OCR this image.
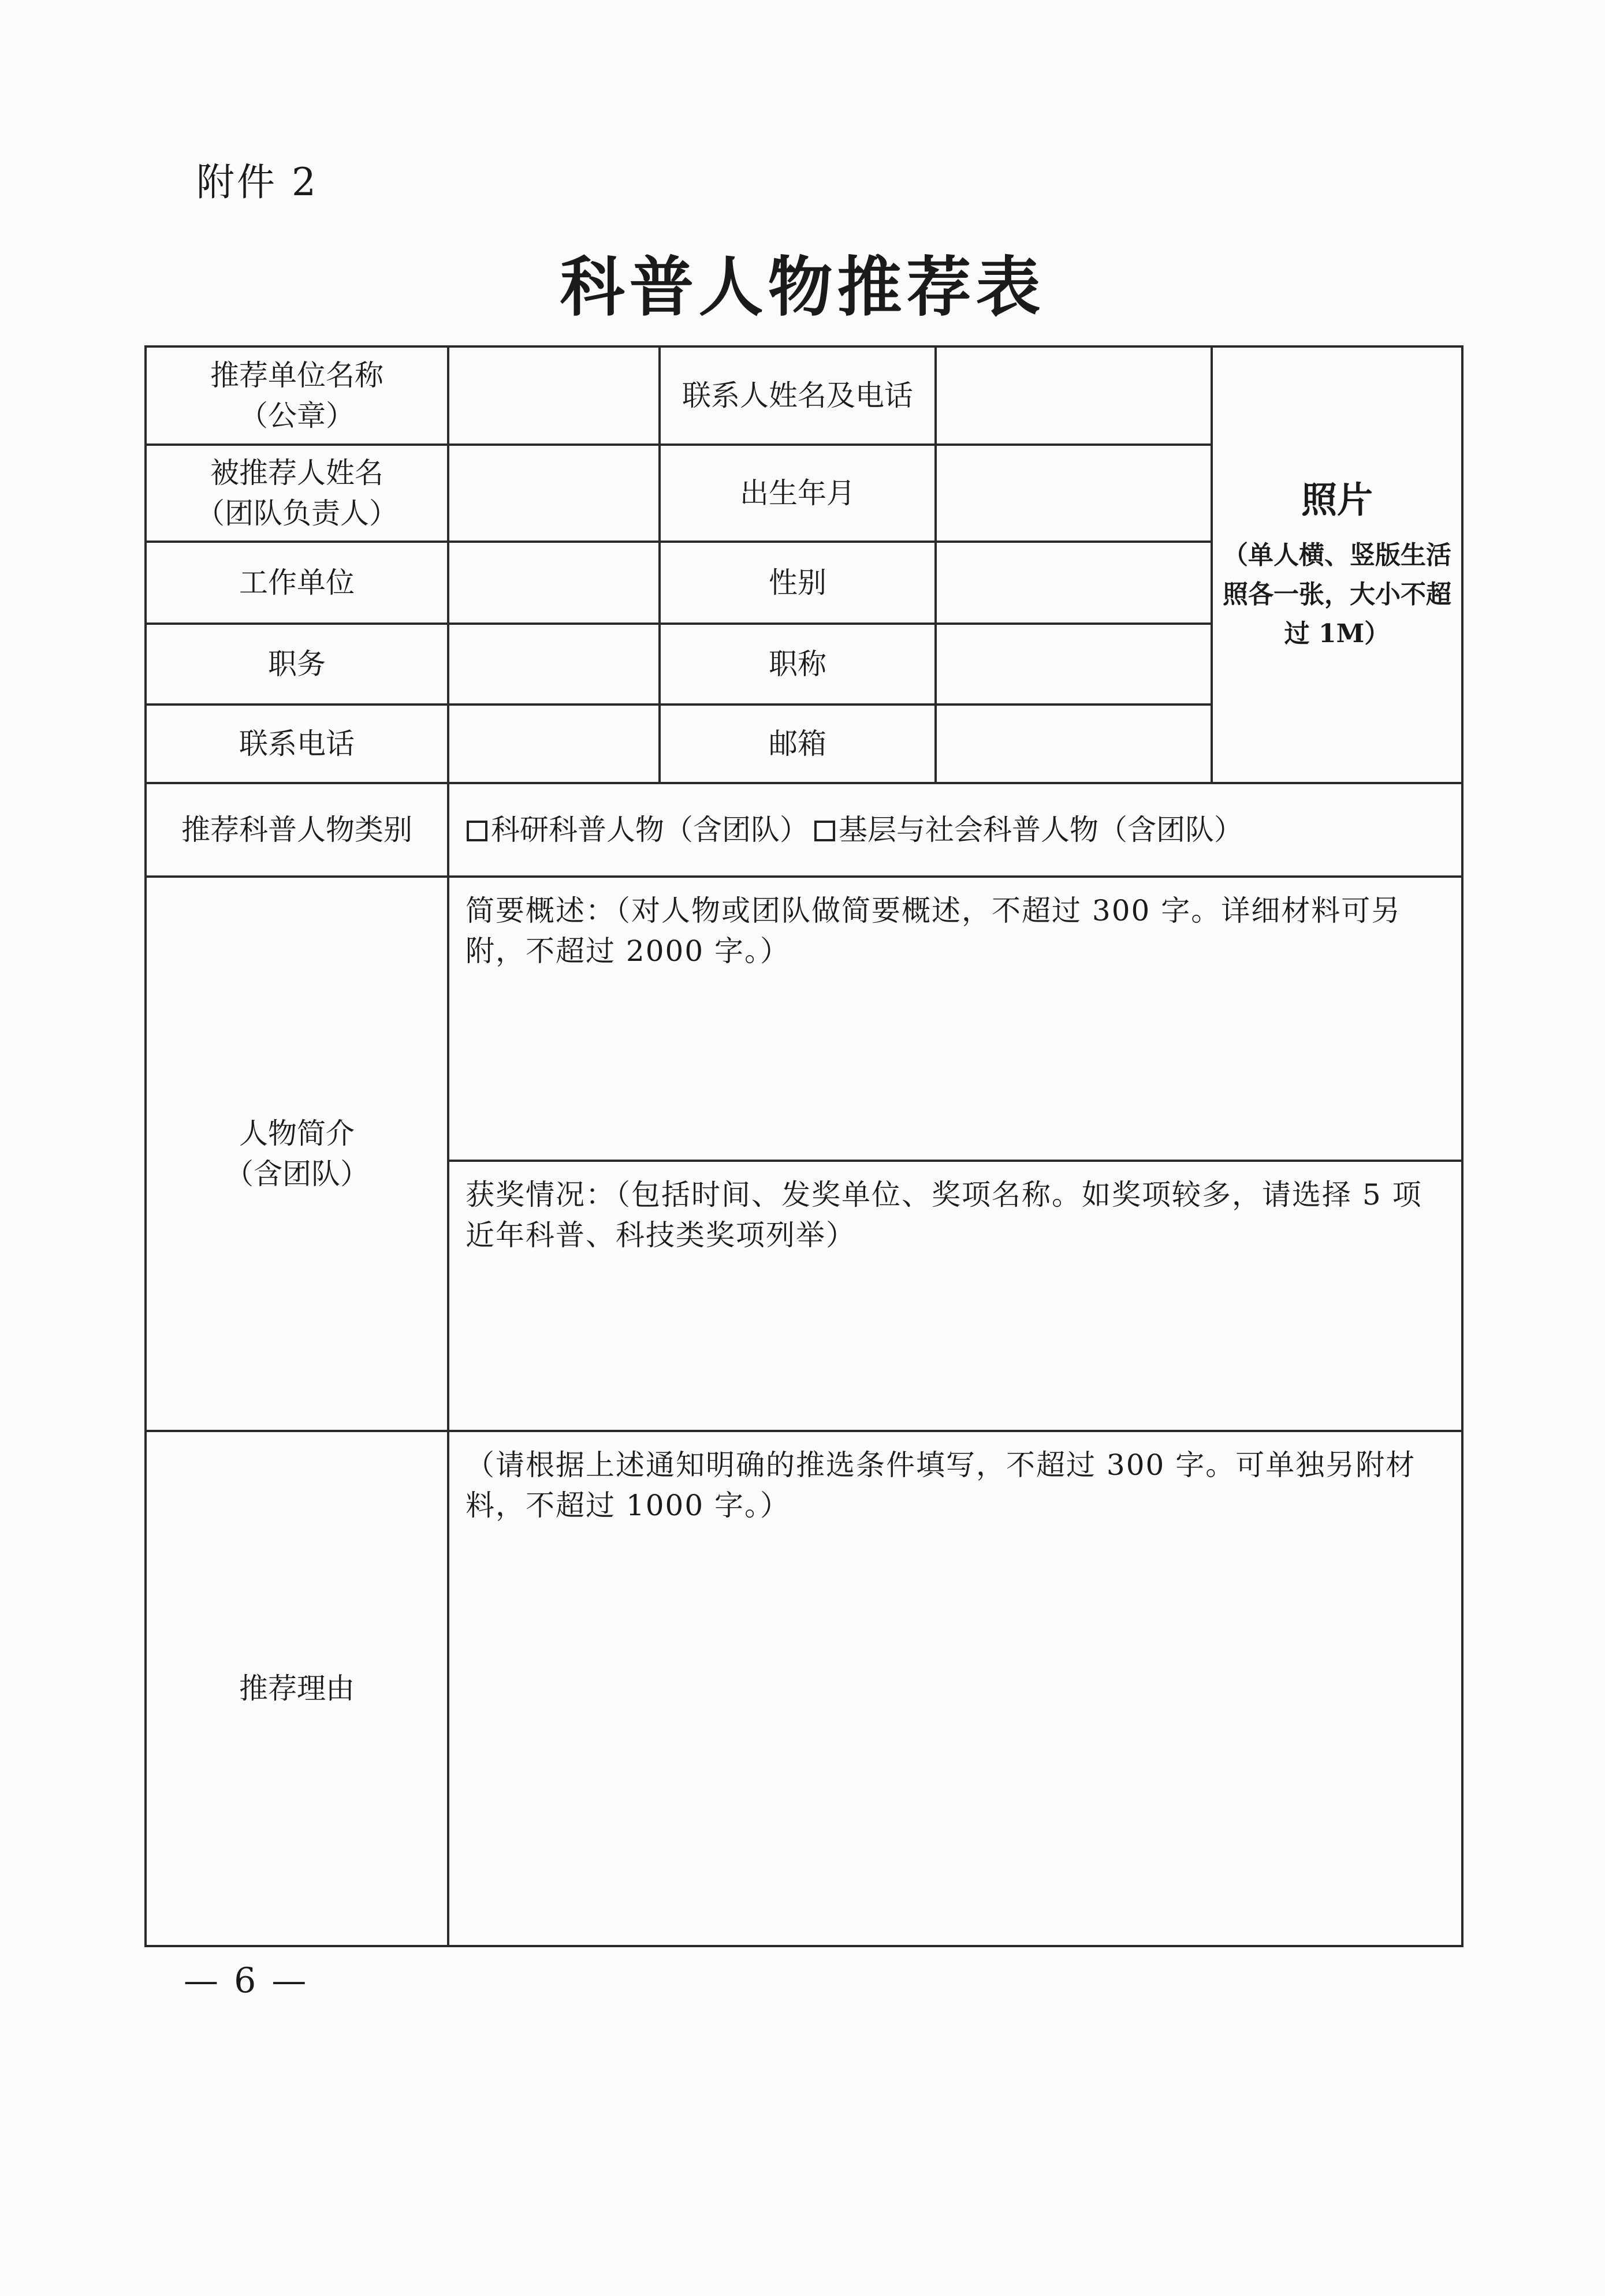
附件 2
科普人物推荐表
推荐单位名称
（公章）		联系人姓名及电话		照片
（单人横、竖版生活照各一张，大小不超过 1M）

被推荐人姓名
（团队负责人）		出生年月		
工作单位		性别		
职务		职称		
联系电话		邮箱		
推荐科普人物类别	科研科普人物（含团队） 基层与社会科普人物（含团队）			

人物简介
（含团队）	简要概述：（对人物或团队做简要概述，不超过 300 字。详细材料可另附，不超过 2000 字。）			
	获奖情况：（包括时间、发奖单位、奖项名称。如奖项较多，请选择 5 项近年科普、科技类奖项列举）			
推荐理由	（请根据上述通知明确的推选条件填写，不超过 300 字。可单独另附材料，不超过 1000 字。）			
— 6 —
